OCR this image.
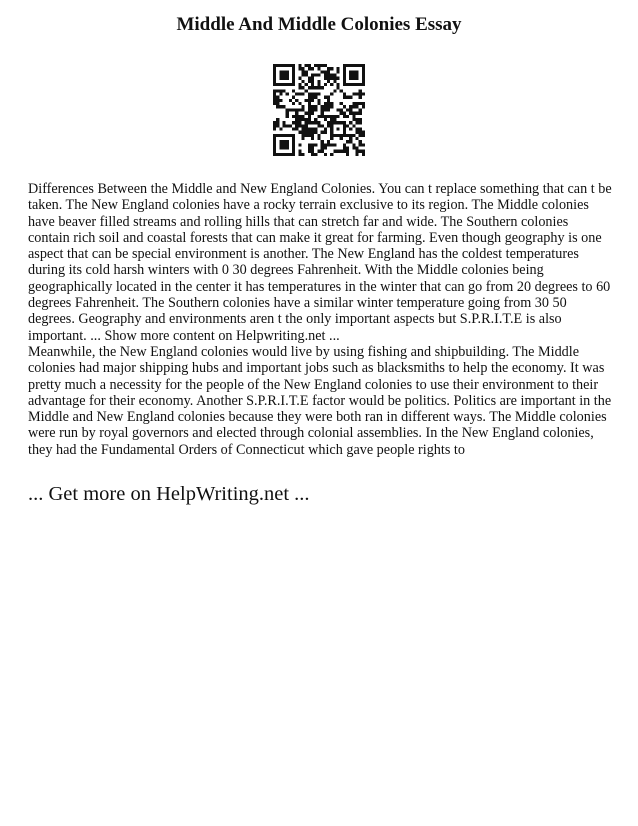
Middle And Middle Colonies Essay

Differences Between the Middle and New England Colonies. You can t replace something that can t be taken. The New England colonies have a rocky terrain exclusive to its region. The Middle colonies have beaver filled streams and rolling hills that can stretch far and wide. The Southern colonies contain rich soil and coastal forests that can make it great for farming. Even though geography is one aspect that can be special environment is another. The New England has the coldest temperatures during its cold harsh winters with 0 30 degrees Fahrenheit. With the Middle colonies being geographically located in the center it has temperatures in the winter that can go from 20 degrees to 60 degrees Fahrenheit. The Southern colonies have a similar winter temperature going from 30 50 degrees. Geography and environments aren t the only important aspects but S.P.R.I.T.E is also important. ... Show more content on Helpwriting.net ...

Meanwhile, the New England colonies would live by using fishing and shipbuilding. The Middle colonies had major shipping hubs and important jobs such as blacksmiths to help the economy. It was pretty much a necessity for the people of the New England colonies to use their environment to their advantage for their economy. Another S.P.R.I.T.E factor would be politics. Politics are important in the Middle and New England colonies because they were both ran in different ways. The Middle colonies were run by royal governors and elected through colonial assemblies. In the New England colonies, they had the Fundamental Orders of Connecticut which gave people rights to

... Get more on HelpWriting.net ...
